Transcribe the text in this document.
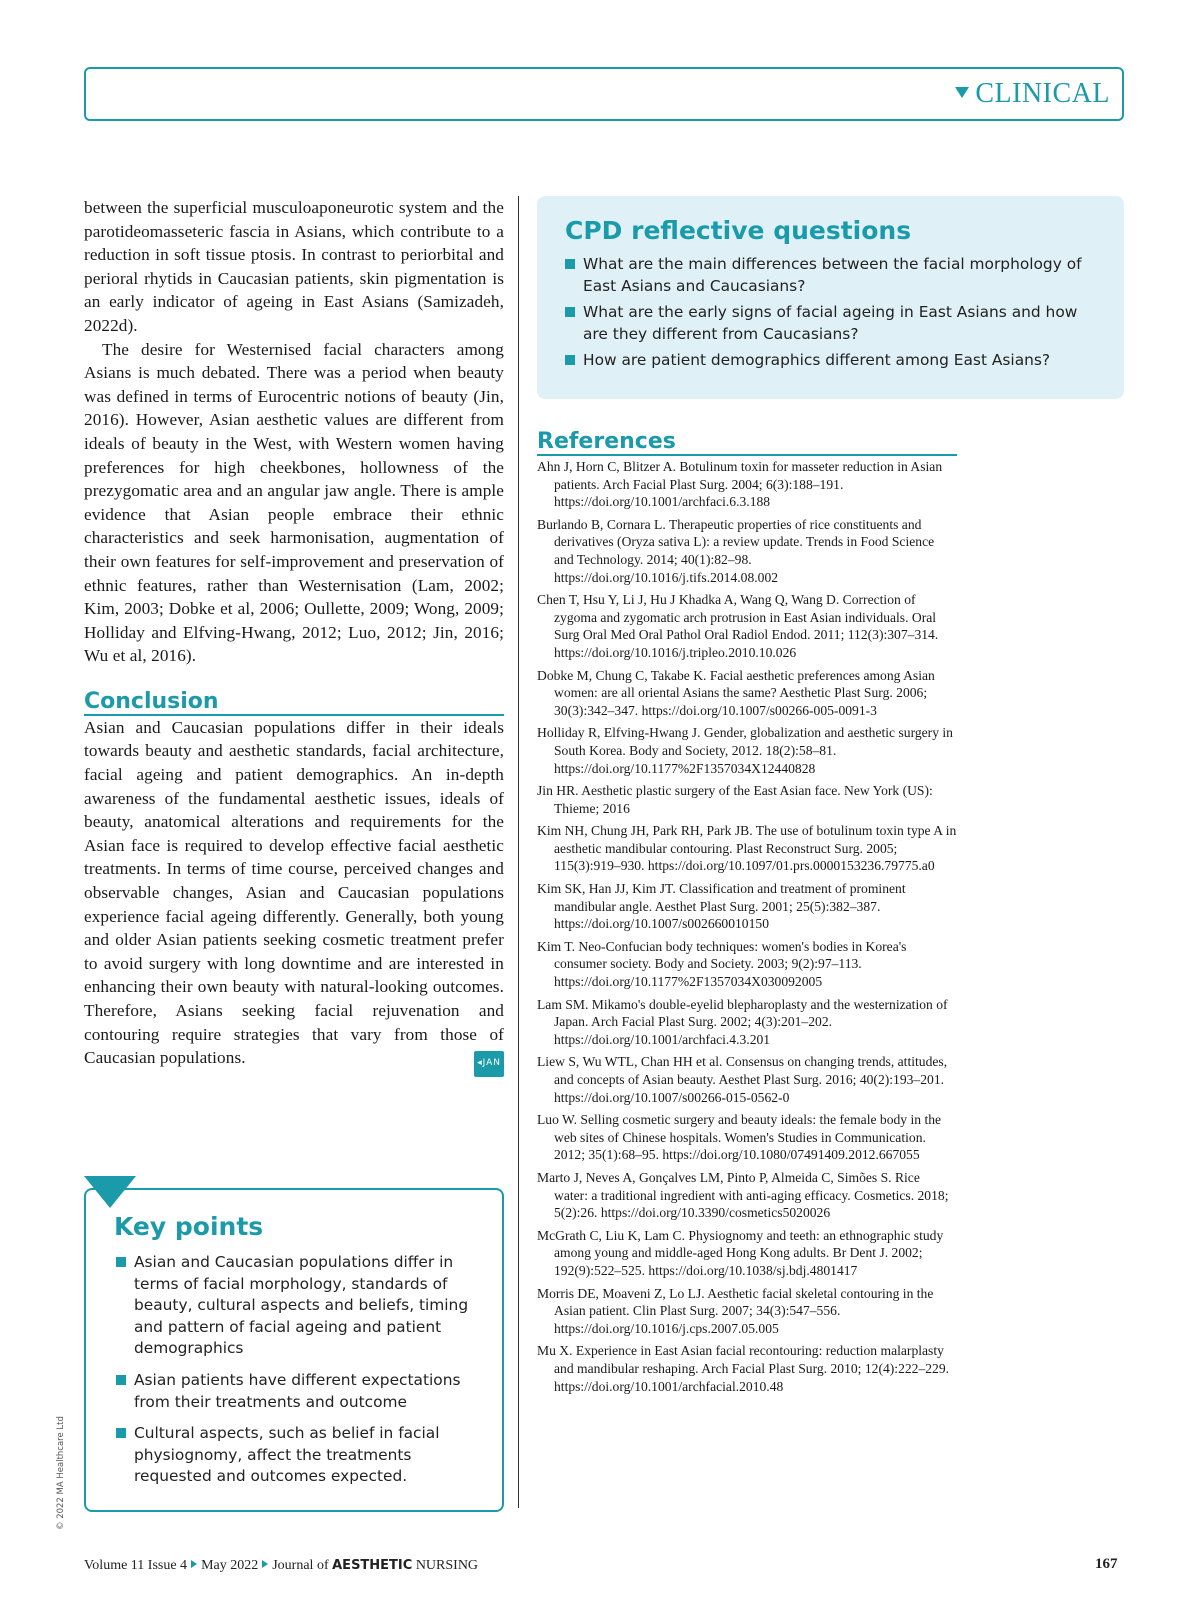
CLINICAL

between the superficial musculoaponeurotic system and the parotideomasseteric fascia in Asians, which contribute to a reduction in soft tissue ptosis. In contrast to periorbital and perioral rhytids in Caucasian patients, skin pigmentation is an early indicator of ageing in East Asians (Samizadeh, 2022d).

The desire for Westernised facial characters among Asians is much debated. There was a period when beauty was defined in terms of Eurocentric notions of beauty (Jin, 2016). However, Asian aesthetic values are different from ideals of beauty in the West, with Western women having preferences for high cheekbones, hollowness of the prezygomatic area and an angular jaw angle. There is ample evidence that Asian people embrace their ethnic characteristics and seek harmonisation, augmentation of their own features for self-improvement and preservation of ethnic features, rather than Westernisation (Lam, 2002; Kim, 2003; Dobke et al, 2006; Oullette, 2009; Wong, 2009; Holliday and Elfving-Hwang, 2012; Luo, 2012; Jin, 2016; Wu et al, 2016).

Conclusion

Asian and Caucasian populations differ in their ideals towards beauty and aesthetic standards, facial architecture, facial ageing and patient demographics. An in-depth awareness of the fundamental aesthetic issues, ideals of beauty, anatomical alterations and requirements for the Asian face is required to develop effective facial aesthetic treatments. In terms of time course, perceived changes and observable changes, Asian and Caucasian populations experience facial ageing differently. Generally, both young and older Asian patients seeking cosmetic treatment prefer to avoid surgery with long downtime and are interested in enhancing their own beauty with natural-looking outcomes. Therefore, Asians seeking facial rejuvenation and contouring require strategies that vary from those of Caucasian populations.	◂JAN

Key points
Asian and Caucasian populations differ in terms of facial morphology, standards of beauty, cultural aspects and beliefs, timing and pattern of facial ageing and patient demographics
Asian patients have different expectations from their treatments and outcome
Cultural aspects, such as belief in facial physiognomy, affect the treatments requested and outcomes expected.
CPD reflective questions
What are the main differences between the facial morphology of East Asians and Caucasians?
What are the early signs of facial ageing in East Asians and how are they different from Caucasians?
How are patient demographics different among East Asians?
References
Ahn J, Horn C, Blitzer A. Botulinum toxin for masseter reduction in Asian patients. Arch Facial Plast Surg. 2004; 6(3):188–191. https://doi.org/10.1001/archfaci.6.3.188
Burlando B, Cornara L. Therapeutic properties of rice constituents and derivatives (Oryza sativa L): a review update. Trends in Food Science and Technology. 2014; 40(1):82–98. https://doi.org/10.1016/j.tifs.2014.08.002
Chen T, Hsu Y, Li J, Hu J Khadka A, Wang Q, Wang D. Correction of zygoma and zygomatic arch protrusion in East Asian individuals. Oral Surg Oral Med Oral Pathol Oral Radiol Endod. 2011; 112(3):307–314. https://doi.org/10.1016/j.tripleo.2010.10.026
Dobke M, Chung C, Takabe K. Facial aesthetic preferences among Asian women: are all oriental Asians the same? Aesthetic Plast Surg. 2006; 30(3):342–347. https://doi.org/10.1007/s00266-005-0091-3
Holliday R, Elfving-Hwang J. Gender, globalization and aesthetic surgery in South Korea. Body and Society, 2012. 18(2):58–81. https://doi.org/10.1177%2F1357034X12440828
Jin HR. Aesthetic plastic surgery of the East Asian face. New York (US): Thieme; 2016
Kim NH, Chung JH, Park RH, Park JB. The use of botulinum toxin type A in aesthetic mandibular contouring. Plast Reconstruct Surg. 2005; 115(3):919–930. https://doi.org/10.1097/01.prs.0000153236.79775.a0
Kim SK, Han JJ, Kim JT. Classification and treatment of prominent mandibular angle. Aesthet Plast Surg. 2001; 25(5):382–387. https://doi.org/10.1007/s002660010150
Kim T. Neo-Confucian body techniques: women's bodies in Korea's consumer society. Body and Society. 2003; 9(2):97–113. https://doi.org/10.1177%2F1357034X030092005
Lam SM. Mikamo's double-eyelid blepharoplasty and the westernization of Japan. Arch Facial Plast Surg. 2002; 4(3):201–202. https://doi.org/10.1001/archfaci.4.3.201
Liew S, Wu WTL, Chan HH et al. Consensus on changing trends, attitudes, and concepts of Asian beauty. Aesthet Plast Surg. 2016; 40(2):193–201. https://doi.org/10.1007/s00266-015-0562-0
Luo W. Selling cosmetic surgery and beauty ideals: the female body in the web sites of Chinese hospitals. Women's Studies in Communication. 2012; 35(1):68–95. https://doi.org/10.1080/07491409.2012.667055
Marto J, Neves A, Gonçalves LM, Pinto P, Almeida C, Simões S. Rice water: a traditional ingredient with anti-aging efficacy. Cosmetics. 2018; 5(2):26. https://doi.org/10.3390/cosmetics5020026
McGrath C, Liu K, Lam C. Physiognomy and teeth: an ethnographic study among young and middle-aged Hong Kong adults. Br Dent J. 2002; 192(9):522–525. https://doi.org/10.1038/sj.bdj.4801417
Morris DE, Moaveni Z, Lo LJ. Aesthetic facial skeletal contouring in the Asian patient. Clin Plast Surg. 2007; 34(3):547–556. https://doi.org/10.1016/j.cps.2007.05.005
Mu X. Experience in East Asian facial recontouring: reduction malarplasty and mandibular reshaping. Arch Facial Plast Surg. 2010; 12(4):222–229. https://doi.org/10.1001/archfacial.2010.48
© 2022 MA Healthcare Ltd
Volume 11 Issue 4 May 2022 Journal of AESTHETIC NURSING	167
